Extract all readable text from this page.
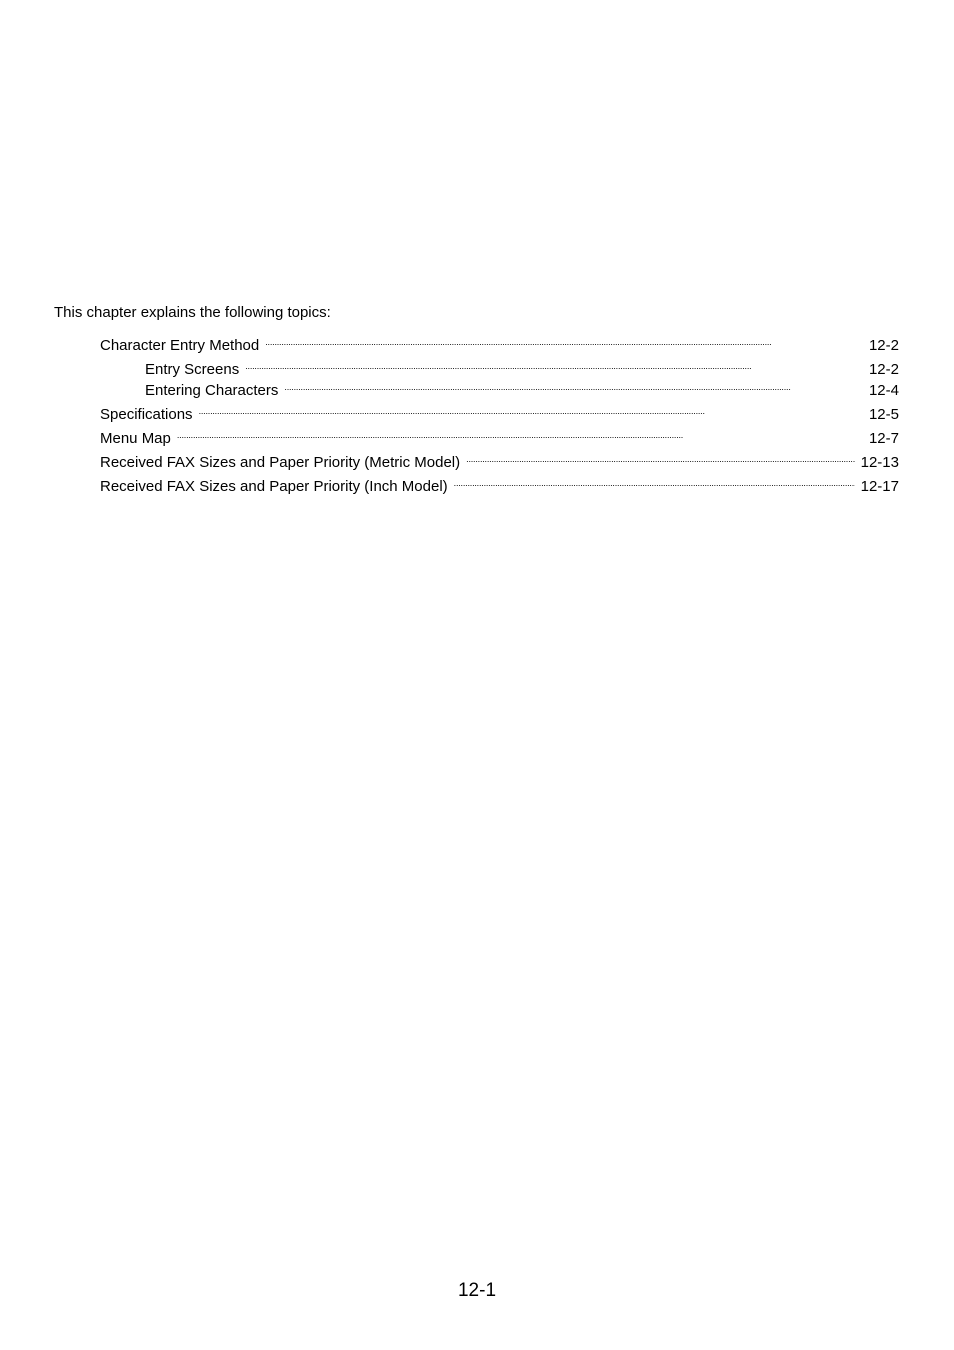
This chapter explains the following topics:
Character Entry Method . . .	12-2
Entry Screens . . .	12-2
Entering Characters . . .	12-4
Specifications . . .	12-5
Menu Map . . .	12-7
Received FAX Sizes and Paper Priority (Metric Model) . . .	12-13
Received FAX Sizes and Paper Priority (Inch Model) . . .	12-17
12-1
